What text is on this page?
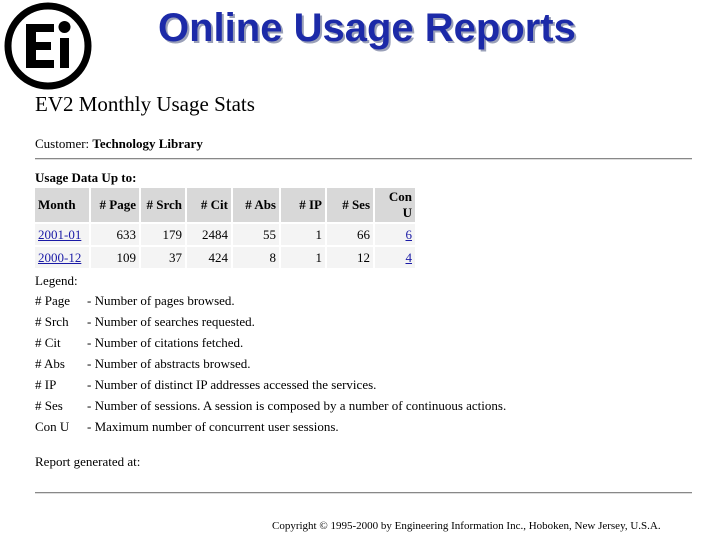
Ei
Online Usage Reports
EV2 Monthly Usage Stats
Customer: Technology Library
Usage Data Up to:
Month	# Page	# Srch	# Cit	# Abs	# IP	# Ses	Con U
2001-01	633	179	2484	55	1	66	6
2000-12	109	37	424	8	1	12	4
Legend:
# Page - Number of pages browsed.
# Srch - Number of searches requested.
# Cit - Number of citations fetched.
# Abs - Number of abstracts browsed.
# IP - Number of distinct IP addresses accessed the services.
# Ses - Number of sessions. A session is composed by a number of continuous actions.
Con U - Maximum number of concurrent user sessions.
Report generated at:
Copyright © 1995-2000 by Engineering Information Inc., Hoboken, New Jersey, U.S.A.
